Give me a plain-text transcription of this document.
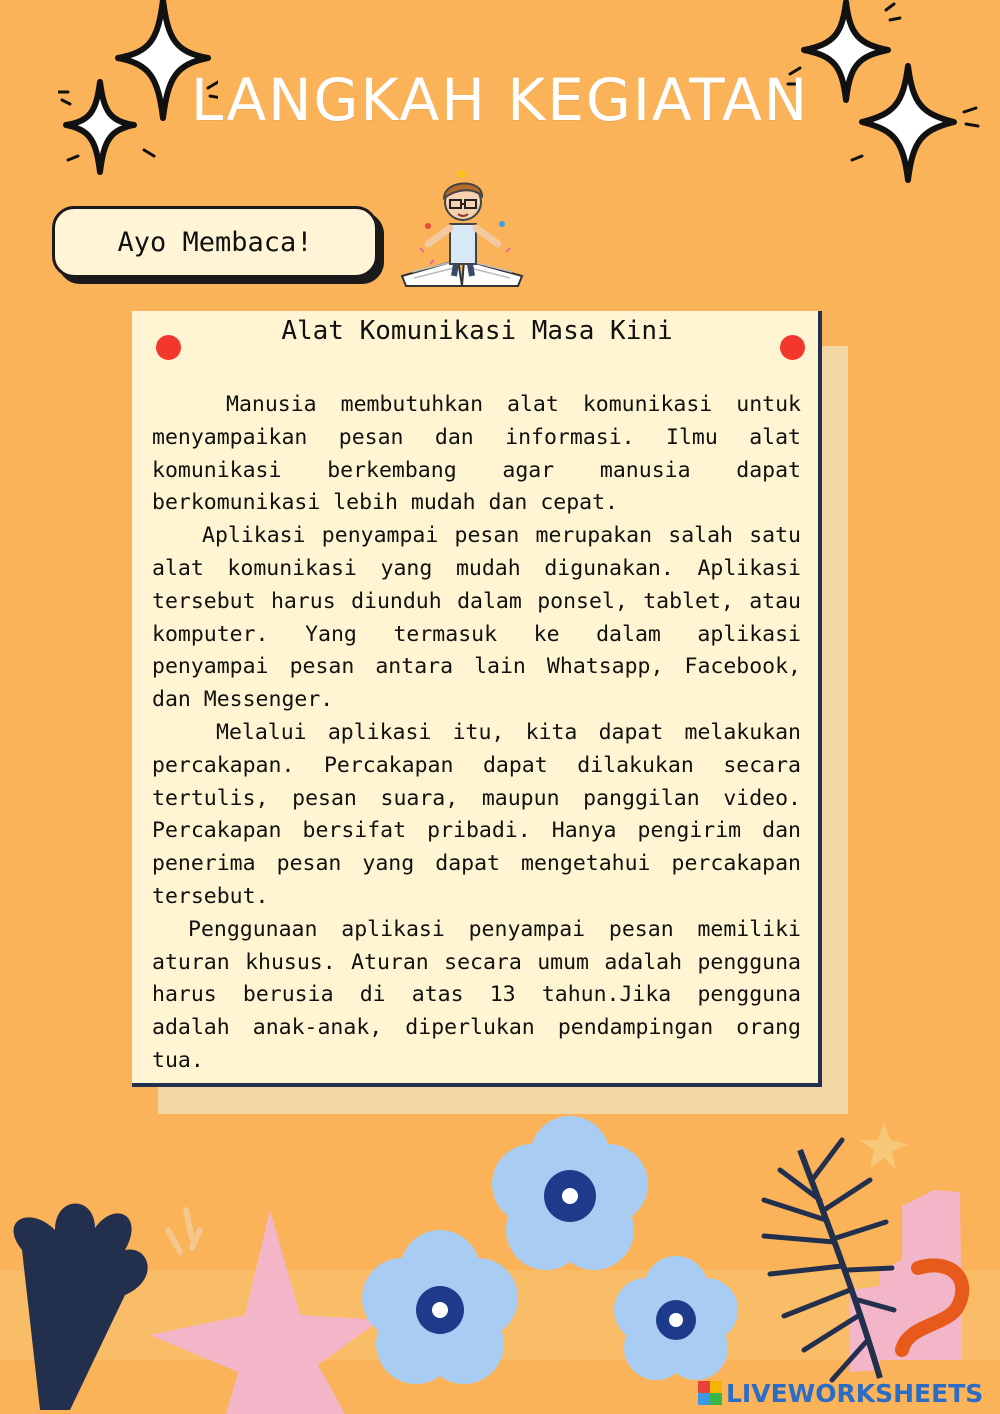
LANGKAH KEGIATAN
Ayo Membaca!
Alat Komunikasi Masa Kini

Manusia membutuhkan alat komunikasi untuk menyampaikan pesan dan informasi. Ilmu alat komunikasi berkembang agar manusia dapat berkomunikasi lebih mudah dan cepat.

Aplikasi penyampai pesan merupakan salah satu alat komunikasi yang mudah digunakan. Aplikasi tersebut harus diunduh dalam ponsel, tablet, atau komputer. Yang termasuk ke dalam aplikasi penyampai pesan antara lain Whatsapp, Facebook, dan Messenger.

Melalui aplikasi itu, kita dapat melakukan percakapan. Percakapan dapat dilakukan secara tertulis, pesan suara, maupun panggilan video. Percakapan bersifat pribadi. Hanya pengirim dan penerima pesan yang dapat mengetahui percakapan tersebut.

Penggunaan aplikasi penyampai pesan memiliki aturan khusus. Aturan secara umum adalah pengguna harus berusia di atas 13 tahun.Jika pengguna adalah anak-anak, diperlukan pendampingan orang tua.

LIVEWORKSHEETS
